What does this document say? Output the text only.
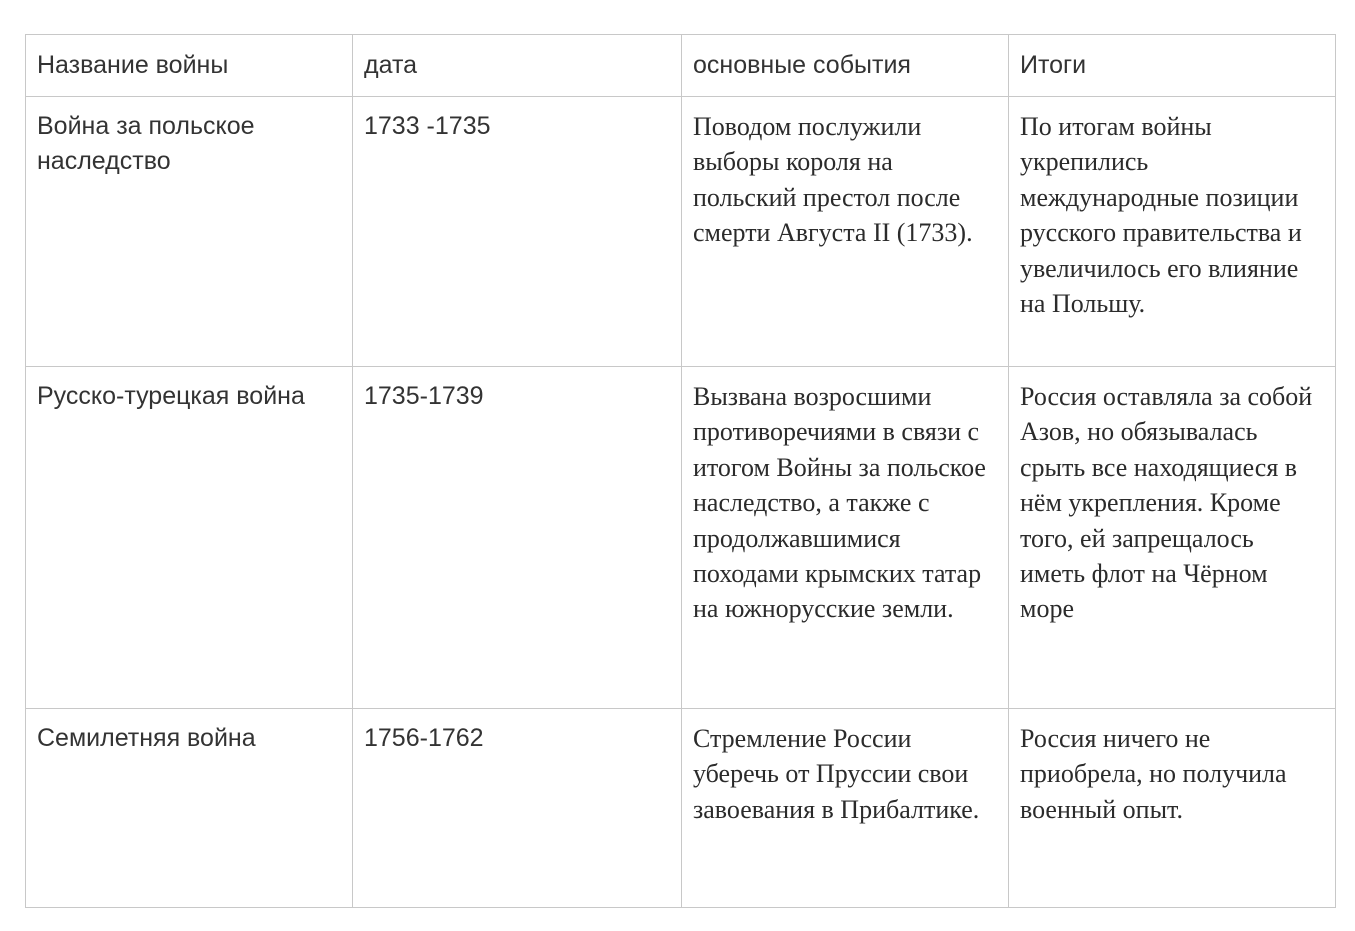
Название войны	дата	основные события	Итоги
Война за польское наследство	1733 -1735	Поводом послужили выборы короля на польский престол после смерти Августа II (1733).	По итогам войны укрепились международные позиции русского правительства и увеличилось его влияние на Польшу.
Русско-турецкая война	1735-1739	Вызвана возросшими противоречиями в связи с итогом Войны за польское наследство, а также с продолжавшимися походами крымских татар на южнорусские земли.	Россия оставляла за собой Азов, но обязывалась срыть все находящиеся в нём укрепления. Кроме того, ей запрещалось иметь флот на Чёрном море
Семилетняя война	1756-1762	Стремление России уберечь от Пруссии свои завоевания в Прибалтике.	Россия ничего не приобрела, но получила военный опыт.
